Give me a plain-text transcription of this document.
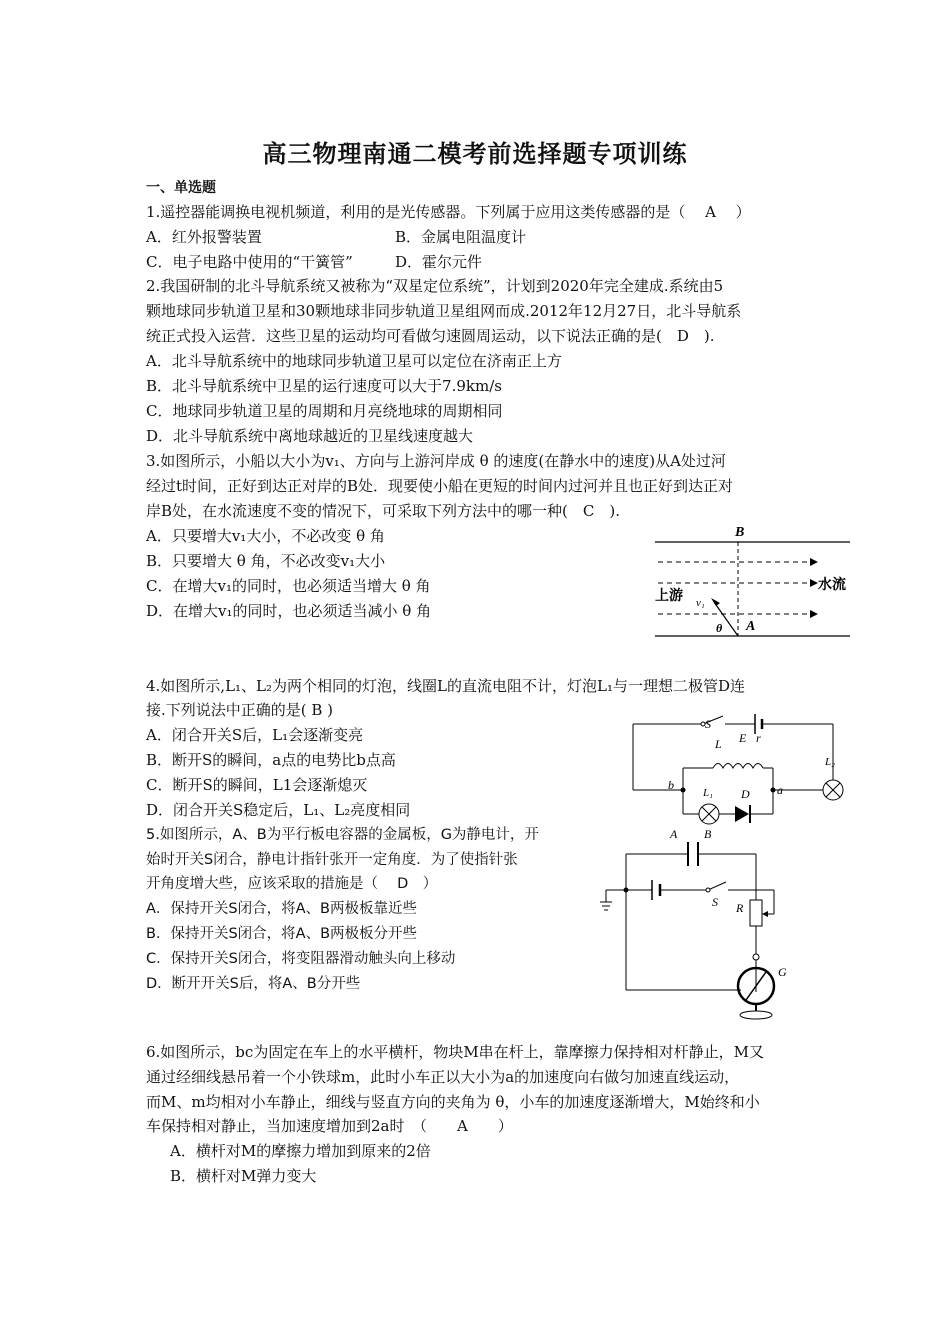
高三物理南通二模考前选择题专项训练
一、单选题
1.遥控器能调换电视机频道，利用的是光传感器。下列属于应用这类传感器的是（　 A　 ）
A．红外报警装置	B．金属电阻温度计
C．电子电路中使用的“干簧管”	D．霍尔元件
2.我国研制的北斗导航系统又被称为“双星定位系统”，计划到2020年完全建成.系统由5
颗地球同步轨道卫星和30颗地球非同步轨道卫星组网而成.2012年12月27日，北斗导航系
统正式投入运营．这些卫星的运动均可看做匀速圆周运动，以下说法正确的是(　D　).
A．北斗导航系统中的地球同步轨道卫星可以定位在济南正上方
B．北斗导航系统中卫星的运行速度可以大于7.9km/s
C．地球同步轨道卫星的周期和月亮绕地球的周期相同
D．北斗导航系统中离地球越近的卫星线速度越大
3.如图所示，小船以大小为v₁、方向与上游河岸成 θ 的速度(在静水中的速度)从A处过河
经过t时间，正好到达正对岸的B处．现要使小船在更短的时间内过河并且也正好到达正对
岸B处，在水流速度不变的情况下，可采取下列方法中的哪一种(　C　).
A．只要增大v₁大小，不必改变 θ 角
B．只要增大 θ 角，不必改变v₁大小
C．在增大v₁的同时，也必须适当增大 θ 角
D．在增大v₁的同时，也必须适当减小 θ 角
B
上游
水流
v₁
θ A
4.如图所示,L₁、L₂为两个相同的灯泡，线圈L的直流电阻不计，灯泡L₁与一理想二极管D连
接.下列说法中正确的是( B )
A．闭合开关S后，L₁会逐渐变亮
B．断开S的瞬间，a点的电势比b点高
C．断开S的瞬间，L1会逐渐熄灭
D．闭合开关S稳定后，L₁、L₂亮度相同
S
E r
L
L₂
b	a
L₁ D
5.如图所示，A、B为平行板电容器的金属板，G为静电计，开
始时开关S闭合，静电计指针张开一定角度．为了使指针张
开角度增大些，应该采取的措施是（　 D　）
A．保持开关S闭合，将A、B两极板靠近些
B．保持开关S闭合，将A、B两极板分开些
C．保持开关S闭合，将变阻器滑动触头向上移动
D．断开开关S后，将A、B分开些
A B
S R
G
6.如图所示，bc为固定在车上的水平横杆，物块M串在杆上，靠摩擦力保持相对杆静止，M又
通过经细线悬吊着一个小铁球m，此时小车正以大小为a的加速度向右做匀加速直线运动，
而M、m均相对小车静止，细线与竖直方向的夹角为 θ，小车的加速度逐渐增大，M始终和小
车保持相对静止，当加速度增加到2a时　（　　A　　）
A．横杆对M的摩擦力增加到原来的2倍
B．横杆对M弹力变大
